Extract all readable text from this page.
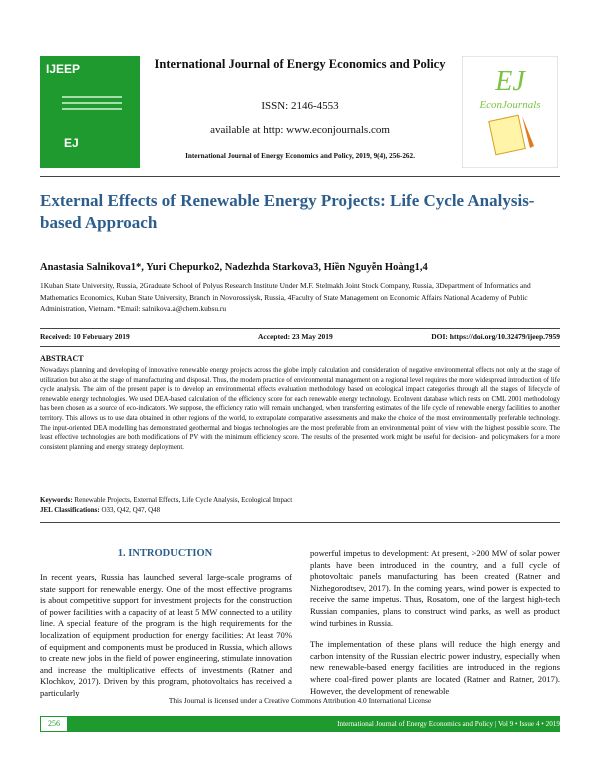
IJEEP
EJ
International Journal of Energy Economics and Policy
ISSN: 2146-4553
available at http: www.econjournals.com
International Journal of Energy Economics and Policy, 2019, 9(4), 256-262.
EJ
EconJournals
External Effects of Renewable Energy Projects: Life Cycle Analysis-based Approach
Anastasia Salnikova1*, Yuri Chepurko2, Nadezhda Starkova3, Hiền Nguyễn Hoàng1,4
1Kuban State University, Russia, 2Graduate School of Polyus Research Institute Under M.F. Stelmakh Joint Stock Company, Russia, 3Department of Informatics and Mathematics Economics, Kuban State University, Branch in Novorossiysk, Russia, 4Faculty of State Management on Economic Affairs National Academy of Public Administration, Vietnam. *Email: salnikova.a@chem.kubsu.ru
Received: 10 February 2019	Accepted: 23 May 2019	DOI: https://doi.org/10.32479/ijeep.7959
ABSTRACT
Nowadays planning and developing of innovative renewable energy projects across the globe imply calculation and consideration of negative environmental effects not only at the stage of utilization but also at the stage of manufacturing and disposal. Thus, the modern practice of environmental management on a regional level requires the more widespread introduction of life cycle analysis. The aim of the present paper is to develop an environmental effects evaluation methodology based on ecological impact categories through all the stages of lifecycle of renewable energy technologies. We used DEA-based calculation of the efficiency score for each renewable energy technology. EcoInvent database which rests on CML 2001 methodology has been chosen as a source of eco-indicators. We suppose, the efficiency ratio will remain unchanged, when transferring estimates of the life cycle of renewable energy facilities to another territory. This allows us to use data obtained in other regions of the world, to extrapolate comparative assessments and make the choice of the most environmentally preferable technology. The input-oriented DEA modelling has demonstrated geothermal and biogas technologies are the most preferable from an environmental point of view with the highest possible score. The least effective technologies are both modifications of PV with the minimum efficiency score. The results of the presented work might be useful for decision- and policymakers for a more consistent planning and energy strategy deployment.
Keywords: Renewable Projects, External Effects, Life Cycle Analysis, Ecological Impact
JEL Classifications: O33, Q42, Q47, Q48
1. INTRODUCTION
In recent years, Russia has launched several large-scale programs of state support for renewable energy. One of the most effective programs is about competitive support for investment projects for the construction of power facilities with a capacity of at least 5 MW connected to a utility line. A special feature of the program is the high requirements for the localization of equipment production for energy facilities: At least 70% of equipment and components must be produced in Russia, which allows to create new jobs in the field of power engineering, stimulate innovation and increase the multiplicative effects of investments (Ratner and Klochkov, 2017). Driven by this program, photovoltaics has received a particularly

powerful impetus to development: At present, >200 MW of solar power plants have been introduced in the country, and a full cycle of photovoltaic panels manufacturing has been created (Ratner and Nizhegorodtsev, 2017). In the coming years, wind power is expected to receive the same impetus. Thus, Rosatom, one of the largest high-tech Russian companies, plans to construct wind parks, as well as product wind turbines in Russia.

The implementation of these plans will reduce the high energy and carbon intensity of the Russian electric power industry, especially when new renewable-based energy facilities are introduced in the regions where coal-fired power plants are located (Ratner and Ratner, 2017). However, the development of renewable

This Journal is licensed under a Creative Commons Attribution 4.0 International License
256	International Journal of Energy Economics and Policy | Vol 9 • Issue 4 • 2019
